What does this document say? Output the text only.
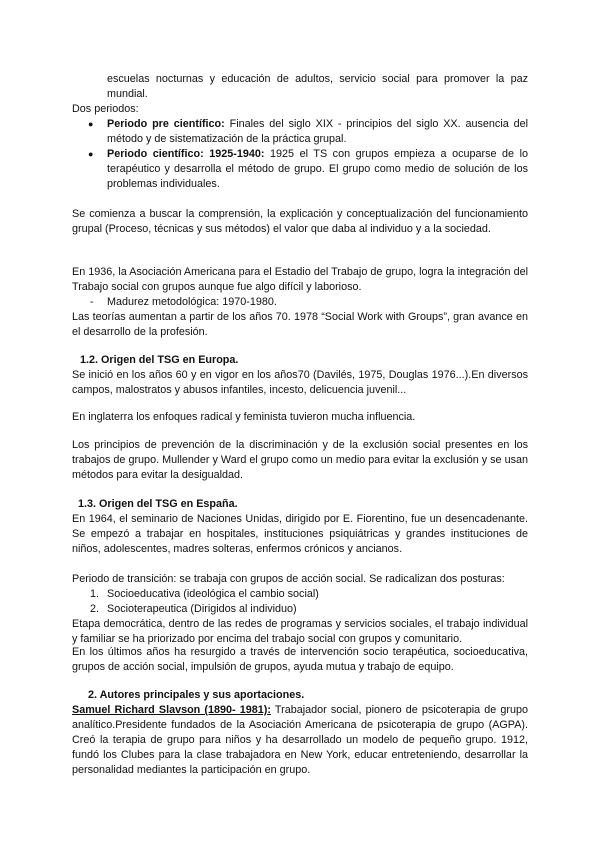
escuelas nocturnas y educación de adultos, servicio social para promover la paz mundial.

Dos periodos:

●	Periodo pre científico: Finales del siglo XIX - principios del siglo XX. ausencia del método y de sistematización de la práctica grupal.
●	Periodo científico: 1925-1940: 1925 el TS con grupos empieza a ocuparse de lo terapéutico y desarrolla el método de grupo. El grupo como medio de solución de los problemas individuales.

Se comienza a buscar la comprensión, la explicación y conceptualización del funcionamiento grupal (Proceso, técnicas y sus métodos) el valor que daba al individuo y a la sociedad.

En 1936, la Asociación Americana para el Estadio del Trabajo de grupo, logra la integración del Trabajo social con grupos aunque fue algo difícil y laborioso.

-	Madurez metodológica: 1970-1980.

Las teorías aumentan a partir de los años 70. 1978 “Social Work with Groups”, gran avance en el desarrollo de la profesión.

1.2. Origen del TSG en Europa.

Se inició en los años 60 y en vigor en los años70 (Davilés, 1975, Douglas 1976...).En diversos campos, malostratos y abusos infantiles, incesto, delicuencia juvenil...

En inglaterra los enfoques radical y feminista tuvieron mucha influencia.

Los principios de prevención de la discriminación y de la exclusión social presentes en los trabajos de grupo. Mullender y Ward el grupo como un medio para evitar la exclusión y se usan métodos para evitar la desigualdad.

1.3. Origen del TSG en España.

En 1964, el seminario de Naciones Unidas, dirigido por E. Fiorentino, fue un desencadenante. Se empezó a trabajar en hospitales, instituciones psiquiátricas y grandes instituciones de niños, adolescentes, madres solteras, enfermos crónicos y ancianos.

Periodo de transición: se trabaja con grupos de acción social. Se radicalizan dos posturas:

1. Socioeducativa (ideológica el cambio social)
2. Socioterapeutica (Dirigidos al individuo)

Etapa democrática, dentro de las redes de programas y servicios sociales, el trabajo individual y familiar se ha priorizado por encima del trabajo social con grupos y comunitario.

En los últimos años ha resurgido a través de intervención socio terapéutica, socioeducativa, grupos de acción social, impulsión de grupos, ayuda mutua y trabajo de equipo.

2. Autores principales y sus aportaciones.

Samuel Richard Slavson (1890- 1981): Trabajador social, pionero de psicoterapia de grupo analítico.Presidente fundados de la Asociación Americana de psicoterapia de grupo (AGPA). Creó la terapia de grupo para niños y ha desarrollado un modelo de pequeño grupo. 1912, fundó los Clubes para la clase trabajadora en New York, educar entreteniendo, desarrollar la personalidad mediantes la participación en grupo.
